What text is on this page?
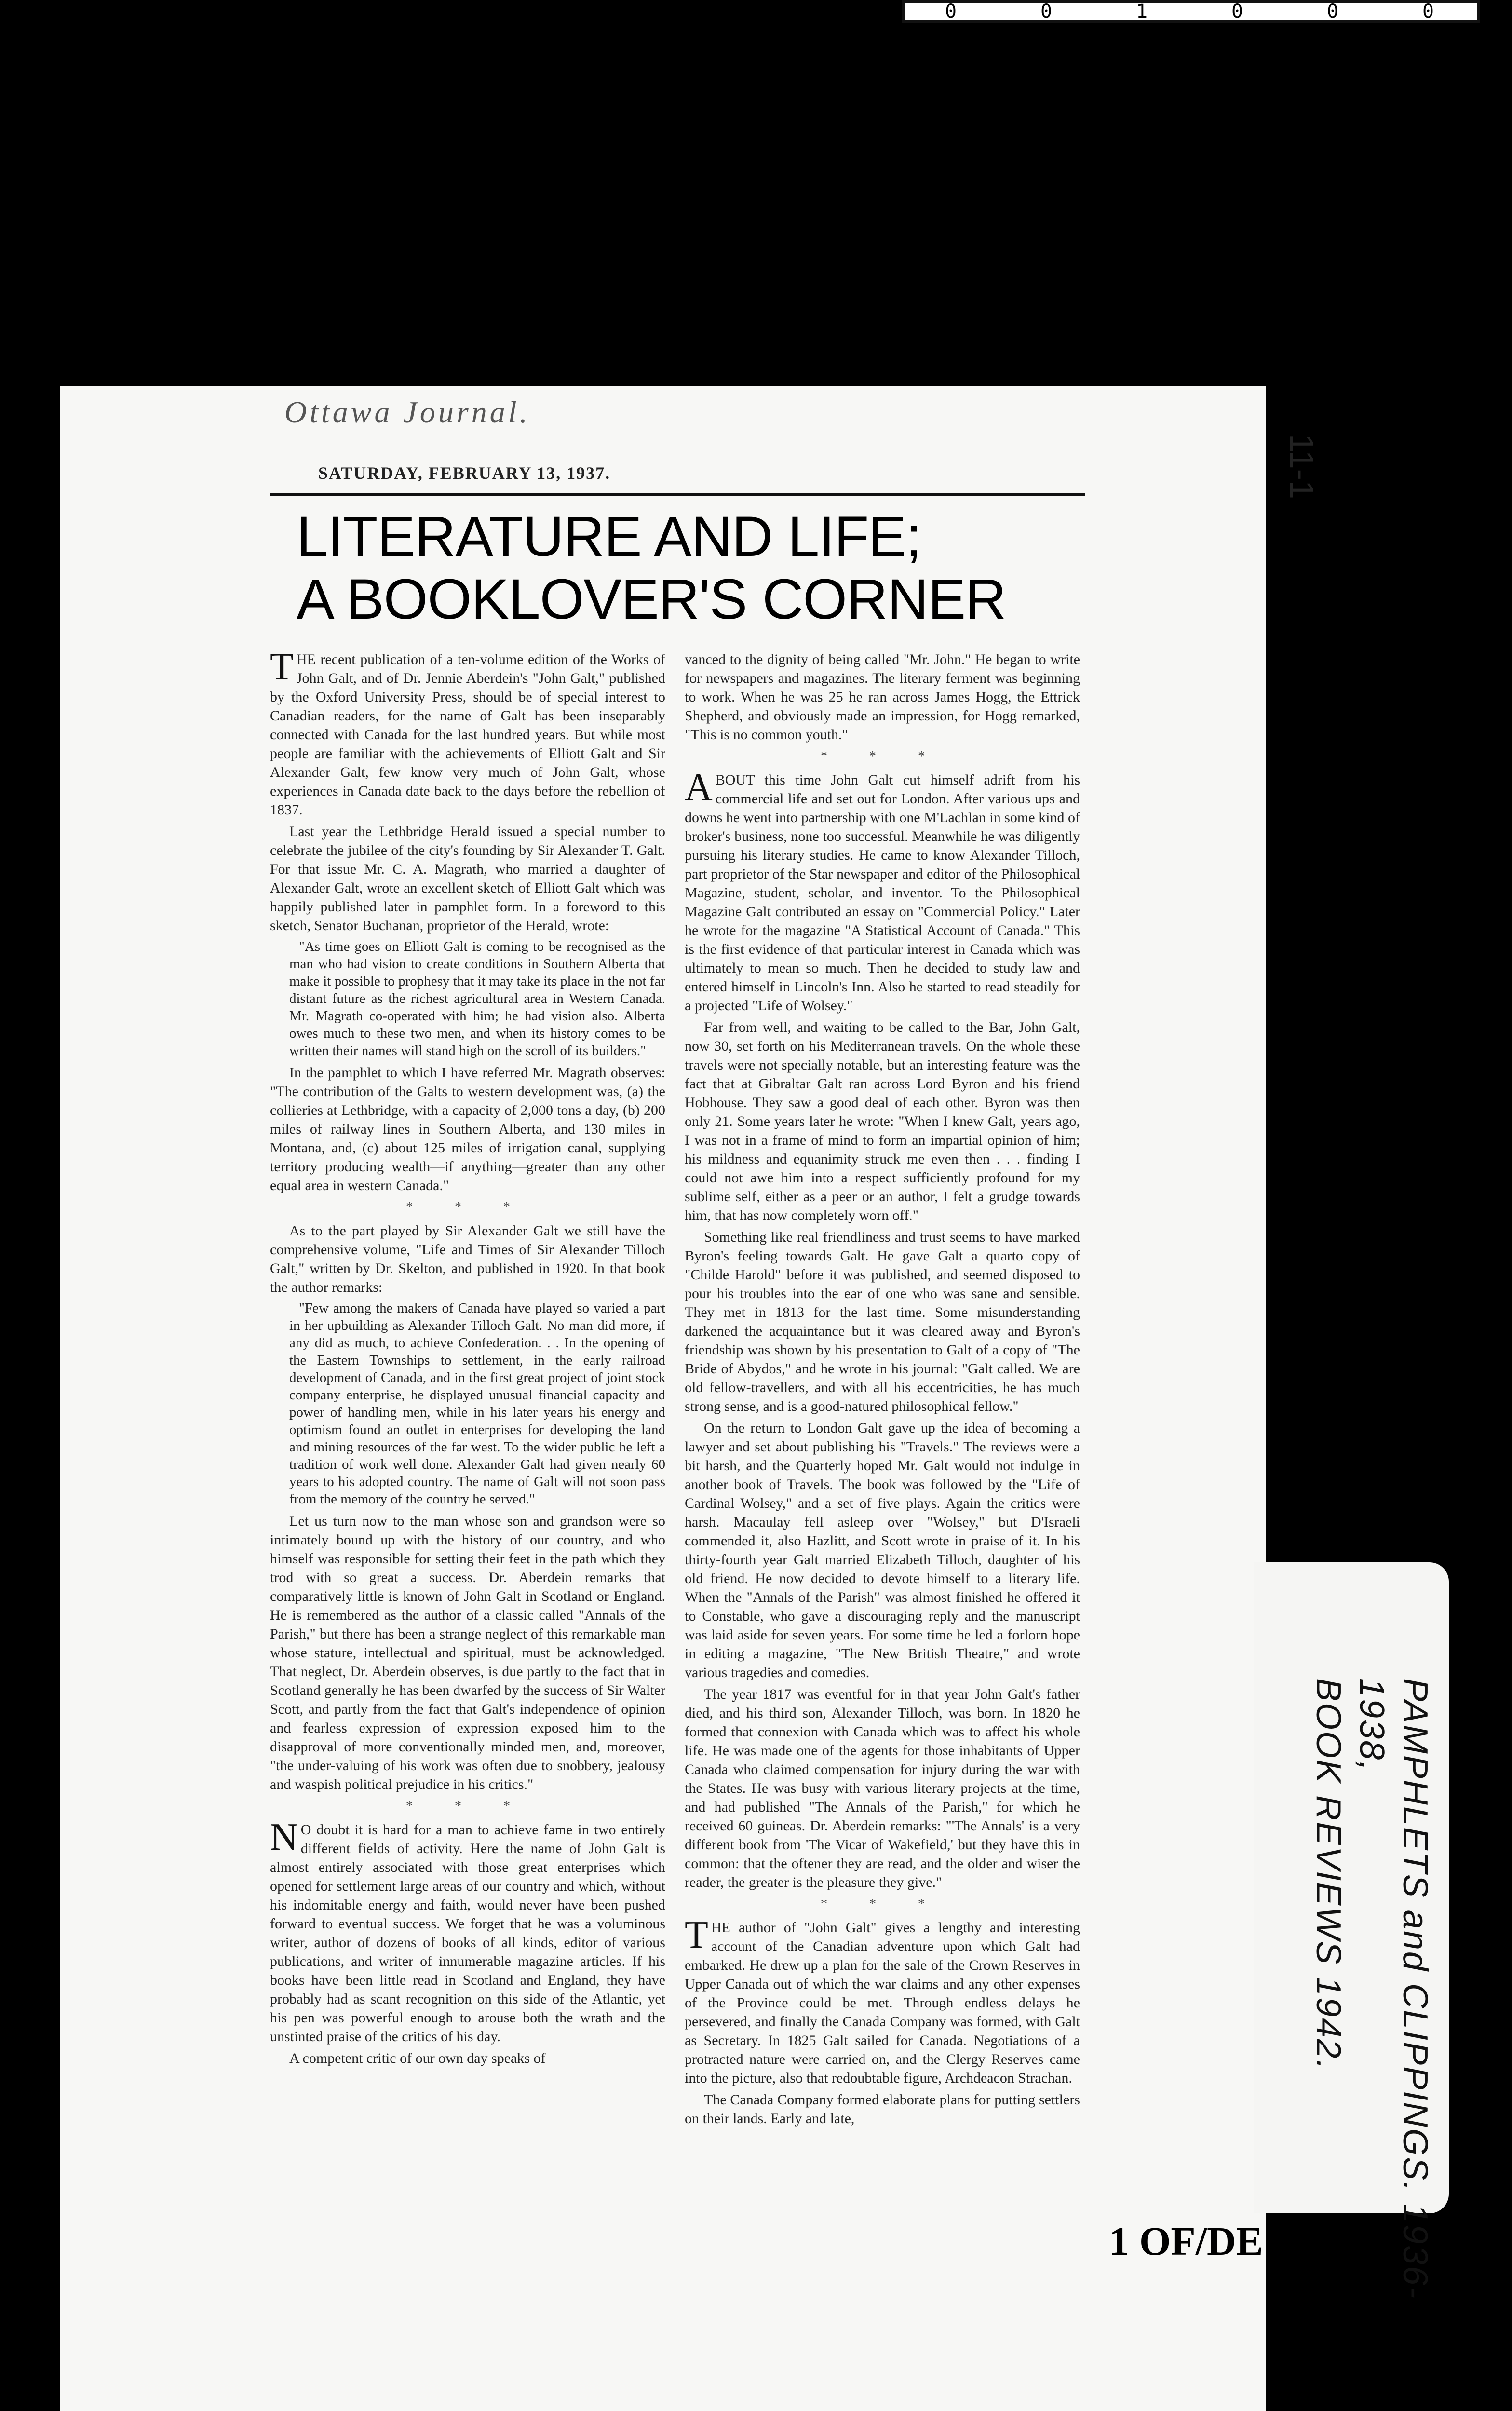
0	0	1	0	0	0
PAMPHLETS and CLIPPINGS. 1936-1938,
BOOK REVIEWS 1942.
11-1
Ottawa Journal.
SATURDAY, FEBRUARY 13, 1937.
LITERATURE AND LIFE;
A BOOKLOVER'S CORNER

THE recent publication of a ten-volume edition of the Works of John Galt, and of Dr. Jennie Aberdein's "John Galt," published by the Oxford University Press, should be of special interest to Canadian readers, for the name of Galt has been inseparably connected with Canada for the last hundred years. But while most people are familiar with the achievements of Elliott Galt and Sir Alexander Galt, few know very much of John Galt, whose experiences in Canada date back to the days before the rebellion of 1837.

Last year the Lethbridge Herald issued a special number to celebrate the jubilee of the city's founding by Sir Alexander T. Galt. For that issue Mr. C. A. Magrath, who married a daughter of Alexander Galt, wrote an excellent sketch of Elliott Galt which was happily published later in pamphlet form. In a foreword to this sketch, Senator Buchanan, proprietor of the Herald, wrote:

"As time goes on Elliott Galt is coming to be recognised as the man who had vision to create conditions in Southern Alberta that make it possible to prophesy that it may take its place in the not far distant future as the richest agricultural area in Western Canada. Mr. Magrath co-operated with him; he had vision also. Alberta owes much to these two men, and when its history comes to be written their names will stand high on the scroll of its builders."

In the pamphlet to which I have referred Mr. Magrath observes: "The contribution of the Galts to western development was, (a) the collieries at Lethbridge, with a capacity of 2,000 tons a day, (b) 200 miles of railway lines in Southern Alberta, and 130 miles in Montana, and, (c) about 125 miles of irrigation canal, supplying territory producing wealth—if anything—greater than any other equal area in western Canada."

* * *

As to the part played by Sir Alexander Galt we still have the comprehensive volume, "Life and Times of Sir Alexander Tilloch Galt," written by Dr. Skelton, and published in 1920. In that book the author remarks:

"Few among the makers of Canada have played so varied a part in her upbuilding as Alexander Tilloch Galt. No man did more, if any did as much, to achieve Confederation. . . In the opening of the Eastern Townships to settlement, in the early railroad development of Canada, and in the first great project of joint stock company enterprise, he displayed unusual financial capacity and power of handling men, while in his later years his energy and optimism found an outlet in enterprises for developing the land and mining resources of the far west. To the wider public he left a tradition of work well done. Alexander Galt had given nearly 60 years to his adopted country. The name of Galt will not soon pass from the memory of the country he served."

Let us turn now to the man whose son and grandson were so intimately bound up with the history of our country, and who himself was responsible for setting their feet in the path which they trod with so great a success. Dr. Aberdein remarks that comparatively little is known of John Galt in Scotland or England. He is remembered as the author of a classic called "Annals of the Parish," but there has been a strange neglect of this remarkable man whose stature, intellectual and spiritual, must be acknowledged. That neglect, Dr. Aberdein observes, is due partly to the fact that in Scotland generally he has been dwarfed by the success of Sir Walter Scott, and partly from the fact that Galt's independence of opinion and fearless expression of expression exposed him to the disapproval of more conventionally minded men, and, moreover, "the under-valuing of his work was often due to snobbery, jealousy and waspish political prejudice in his critics."

* * *

N O doubt it is hard for a man to achieve fame in two entirely different fields of activity. Here the name of John Galt is almost entirely associated with those great enterprises which opened for settlement large areas of our country and which, without his indomitable energy and faith, would never have been pushed forward to eventual success. We forget that he was a voluminous writer, author of dozens of books of all kinds, editor of various publications, and writer of innumerable magazine articles. If his books have been little read in Scotland and England, they have probably had as scant recognition on this side of the Atlantic, yet his pen was powerful enough to arouse both the wrath and the unstinted praise of the critics of his day.

A competent critic of our own day speaks of

vanced to the dignity of being called "Mr. John." He began to write for newspapers and magazines. The literary ferment was beginning to work. When he was 25 he ran across James Hogg, the Ettrick Shepherd, and obviously made an impression, for Hogg remarked, "This is no common youth."

* * *

ABOUT this time John Galt cut himself adrift from his commercial life and set out for London. After various ups and downs he went into partnership with one M'Lachlan in some kind of broker's business, none too successful. Meanwhile he was diligently pursuing his literary studies. He came to know Alexander Tilloch, part proprietor of the Star newspaper and editor of the Philosophical Magazine, student, scholar, and inventor. To the Philosophical Magazine Galt contributed an essay on "Commercial Policy." Later he wrote for the magazine "A Statistical Account of Canada." This is the first evidence of that particular interest in Canada which was ultimately to mean so much. Then he decided to study law and entered himself in Lincoln's Inn. Also he started to read steadily for a projected "Life of Wolsey."

Far from well, and waiting to be called to the Bar, John Galt, now 30, set forth on his Mediterranean travels. On the whole these travels were not specially notable, but an interesting feature was the fact that at Gibraltar Galt ran across Lord Byron and his friend Hobhouse. They saw a good deal of each other. Byron was then only 21. Some years later he wrote: "When I knew Galt, years ago, I was not in a frame of mind to form an impartial opinion of him; his mildness and equanimity struck me even then . . . finding I could not awe him into a respect sufficiently profound for my sublime self, either as a peer or an author, I felt a grudge towards him, that has now completely worn off."

Something like real friendliness and trust seems to have marked Byron's feeling towards Galt. He gave Galt a quarto copy of "Childe Harold" before it was published, and seemed disposed to pour his troubles into the ear of one who was sane and sensible. They met in 1813 for the last time. Some misunderstanding darkened the acquaintance but it was cleared away and Byron's friendship was shown by his presentation to Galt of a copy of "The Bride of Abydos," and he wrote in his journal: "Galt called. We are old fellow-travellers, and with all his eccentricities, he has much strong sense, and is a good-natured philosophical fellow."

On the return to London Galt gave up the idea of becoming a lawyer and set about publishing his "Travels." The reviews were a bit harsh, and the Quarterly hoped Mr. Galt would not indulge in another book of Travels. The book was followed by the "Life of Cardinal Wolsey," and a set of five plays. Again the critics were harsh. Macaulay fell asleep over "Wolsey," but D'Israeli commended it, also Hazlitt, and Scott wrote in praise of it. In his thirty-fourth year Galt married Elizabeth Tilloch, daughter of his old friend. He now decided to devote himself to a literary life. When the "Annals of the Parish" was almost finished he offered it to Constable, who gave a discouraging reply and the manuscript was laid aside for seven years. For some time he led a forlorn hope in editing a magazine, "The New British Theatre," and wrote various tragedies and comedies.

The year 1817 was eventful for in that year John Galt's father died, and his third son, Alexander Tilloch, was born. In 1820 he formed that connexion with Canada which was to affect his whole life. He was made one of the agents for those inhabitants of Upper Canada who claimed compensation for injury during the war with the States. He was busy with various literary projects at the time, and had published "The Annals of the Parish," for which he received 60 guineas. Dr. Aberdein remarks: "'The Annals' is a very different book from 'The Vicar of Wakefield,' but they have this in common: that the oftener they are read, and the older and wiser the reader, the greater is the pleasure they give."

* * *

THE author of "John Galt" gives a lengthy and interesting account of the Canadian adventure upon which Galt had embarked. He drew up a plan for the sale of the Crown Reserves in Upper Canada out of which the war claims and any other expenses of the Province could be met. Through endless delays he persevered, and finally the Canada Company was formed, with Galt as Secretary. In 1825 Galt sailed for Canada. Negotiations of a protracted nature were carried on, and the Clergy Reserves came into the picture, also that redoubtable figure, Archdeacon Strachan.

The Canada Company formed elaborate plans for putting settlers on their lands. Early and late,

1 OF/DE
